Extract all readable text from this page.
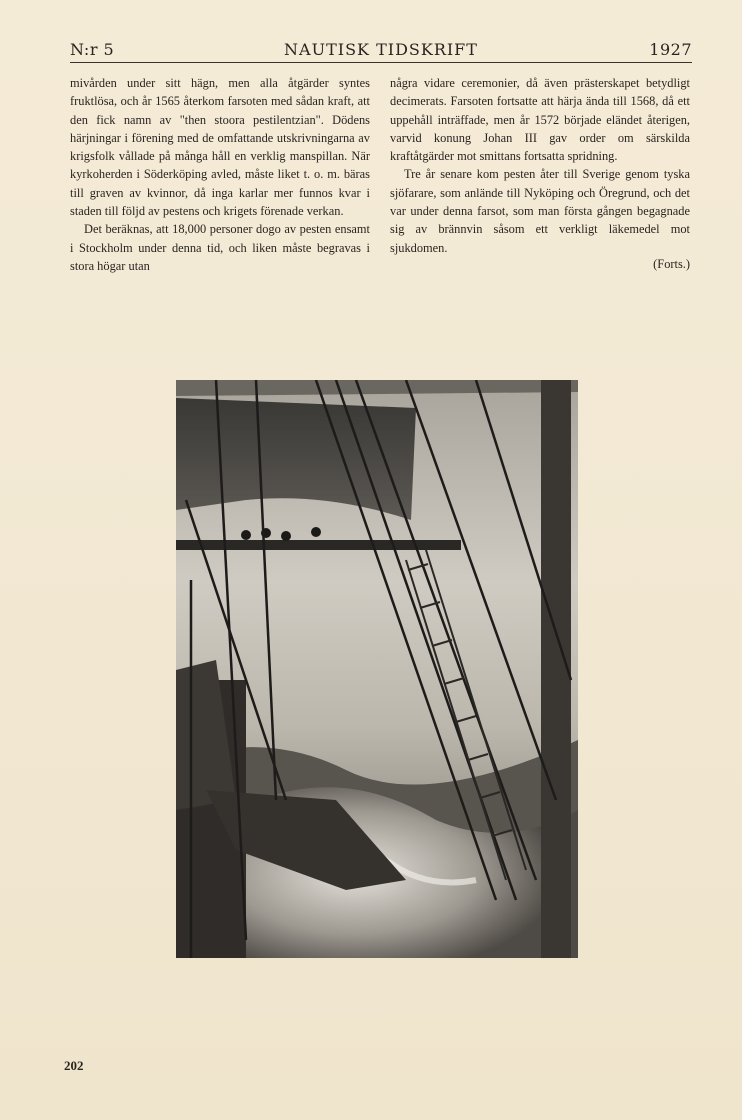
N:r 5	NAUTISK TIDSKRIFT	1927

mivården under sitt hägn, men alla åtgärder syntes fruktlösa, och år 1565 återkom farsoten med sådan kraft, att den fick namn av "then stoora pestilentzian". Dödens härjningar i förening med de omfattande utskrivningarna av krigsfolk vållade på många håll en verklig manspillan. När kyrkoherden i Söderköping avled, måste liket t. o. m. bäras till graven av kvinnor, då inga karlar mer funnos kvar i staden till följd av pestens och krigets förenade verkan.

Det beräknas, att 18,000 personer dogo av pesten ensamt i Stockholm under denna tid, och liken måste begravas i stora högar utan

några vidare ceremonier, då även prästerskapet betydligt decimerats. Farsoten fortsatte att härja ända till 1568, då ett uppehåll inträffade, men år 1572 började eländet återigen, varvid konung Johan III gav order om särskilda kraftåtgärder mot smittans fortsatta spridning.

Tre år senare kom pesten åter till Sverige genom tyska sjöfarare, som anlände till Nyköping och Öregrund, och det var under denna farsot, som man första gången begagnade sig av brännvin såsom ett verkligt läkemedel mot sjukdomen.

(Forts.)

202
